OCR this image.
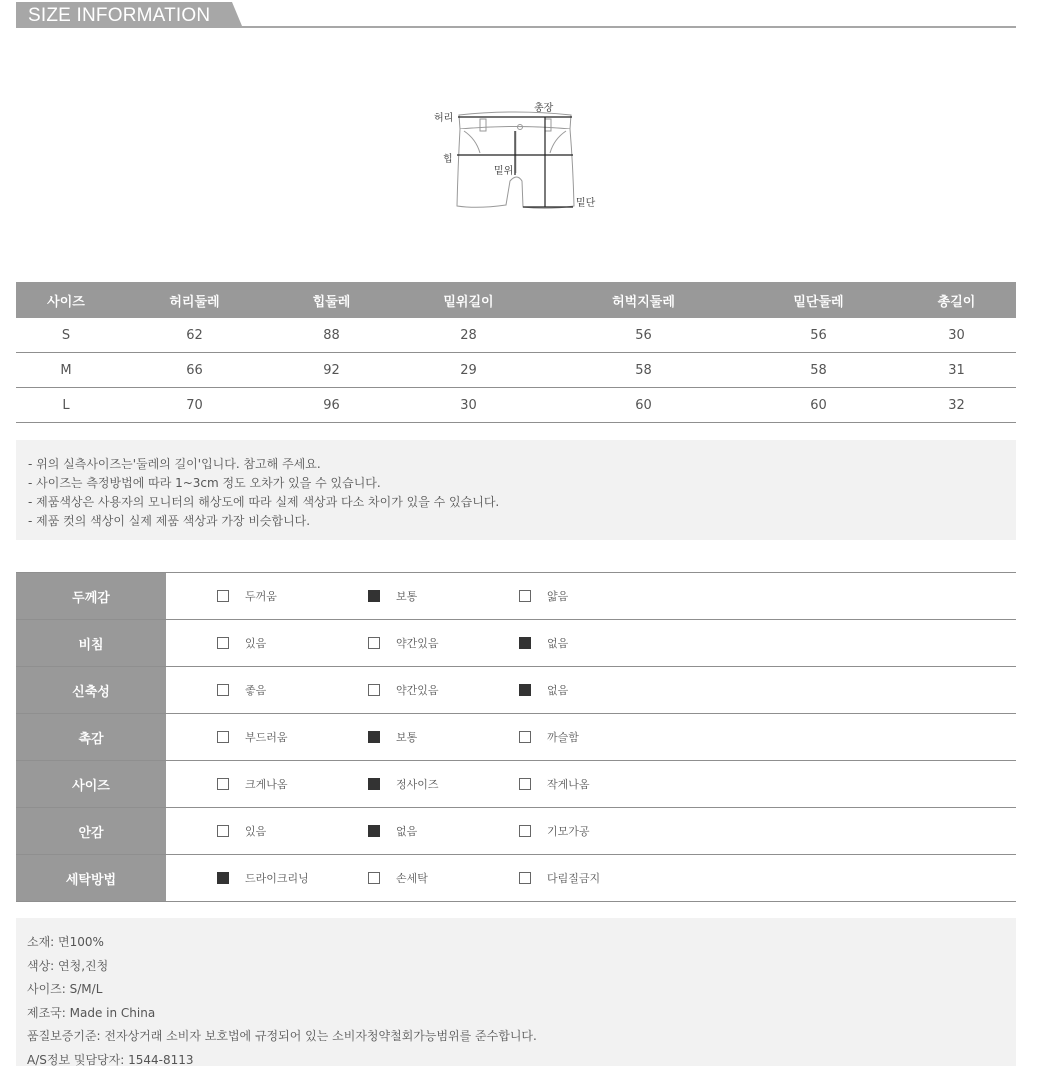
SIZE INFORMATION
허리
총장
힙
밑위
밑단
사이즈	허리둘레	힙둘레	밑위길이	허벅지둘레	밑단둘레	총길이
S	62	88	28	56	56	30
M	66	92	29	58	58	31
L	70	96	30	60	60	32
- 위의 실측사이즈는'둘레의 길이'입니다. 참고해 주세요.
- 사이즈는 측정방법에 따라 1~3cm 정도 오차가 있을 수 있습니다.
- 제품색상은 사용자의 모니터의 해상도에 따라 실제 색상과 다소 차이가 있을 수 있습니다.
- 제품 컷의 색상이 실제 제품 색상과 가장 비슷합니다.
두께감	두꺼움	보통	얇음
비침	있음	약간있음	없음
신축성	좋음	약간있음	없음
촉감	부드러움	보통	까슬함
사이즈	크게나옴	정사이즈	작게나옴
안감	있음	없음	기모가공
세탁방법	드라이크리닝	손세탁	다림질금지
소재: 면100%
색상: 연청,진청
사이즈: S/M/L
제조국: Made in China
품질보증기준: 전자상거래 소비자 보호법에 규정되어 있는 소비자청약철회가능범위를 준수합니다.
A/S정보 및담당자: 1544-8113
